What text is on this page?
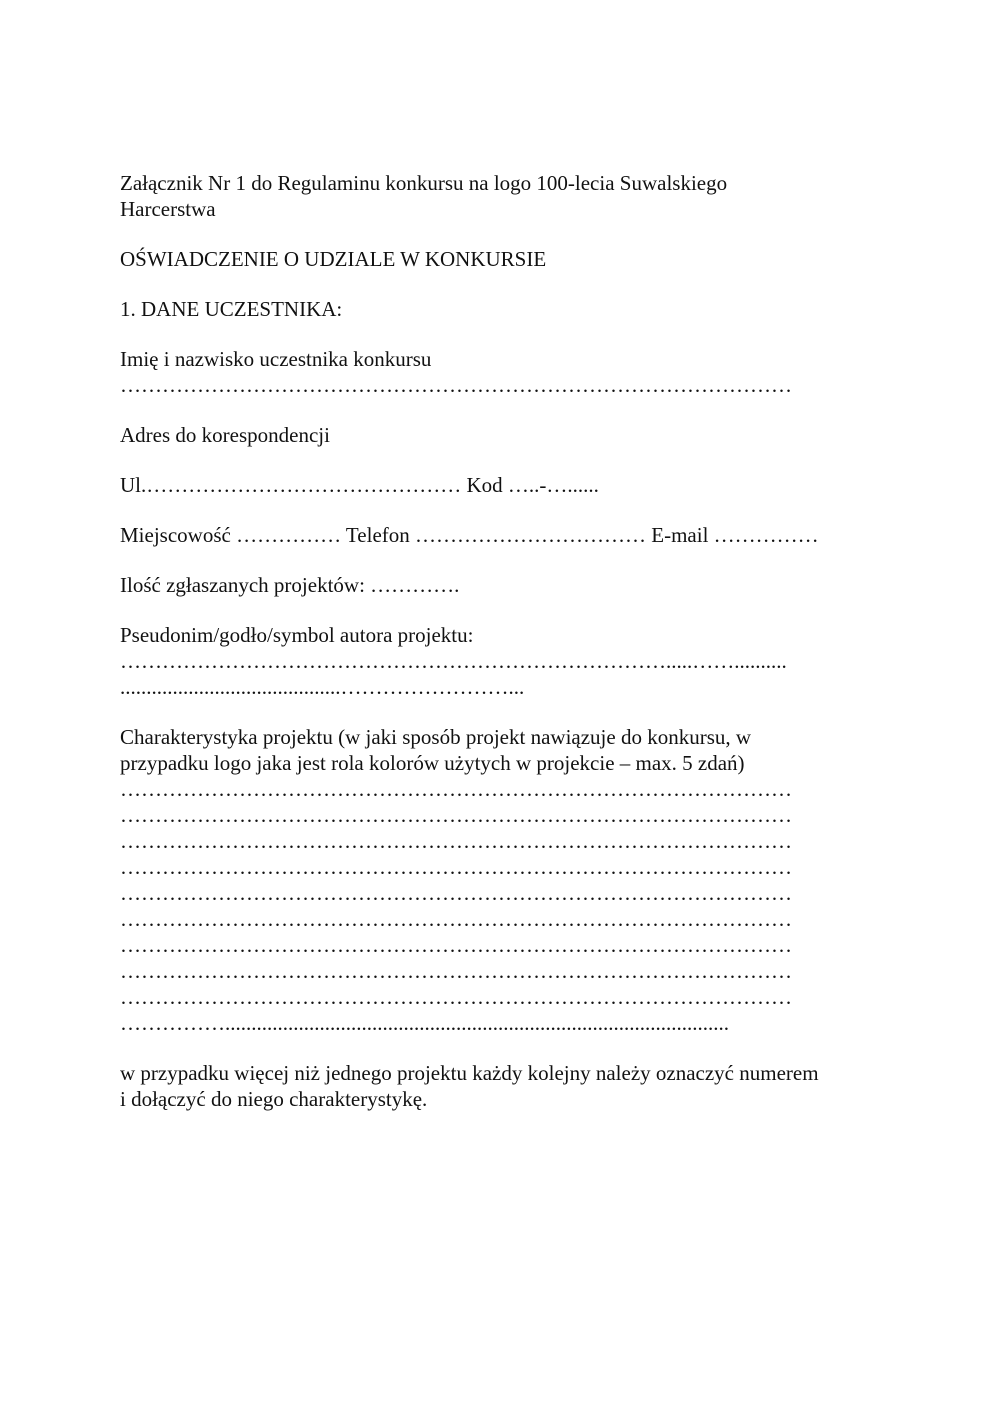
Załącznik Nr 1 do Regulaminu konkursu na logo 100-lecia Suwalskiego
Harcerstwa

OŚWIADCZENIE O UDZIALE W KONKURSIE

1. DANE UCZESTNIKA:

Imię i nazwisko uczestnika konkursu
……………………………………………………………………………………

Adres do korespondencji

Ul.……………………………………… Kod …..-…......

Miejscowość …………… Telefon …………………………… E-mail ……………

Ilość zgłaszanych projektów: ………….

Pseudonim/godło/symbol autora projektu:
…………………………………………………………………….....……..........
..........................................……………………...

Charakterystyka projektu (w jaki sposób projekt nawiązuje do konkursu, w
przypadku logo jaka jest rola kolorów użytych w projekcie – max. 5 zdań)
……………………………………………………………………………………
……………………………………………………………………………………
……………………………………………………………………………………
……………………………………………………………………………………
……………………………………………………………………………………
……………………………………………………………………………………
……………………………………………………………………………………
……………………………………………………………………………………
……………………………………………………………………………………
……………................................................................................................

w przypadku więcej niż jednego projektu każdy kolejny należy oznaczyć numerem
i dołączyć do niego charakterystykę.
